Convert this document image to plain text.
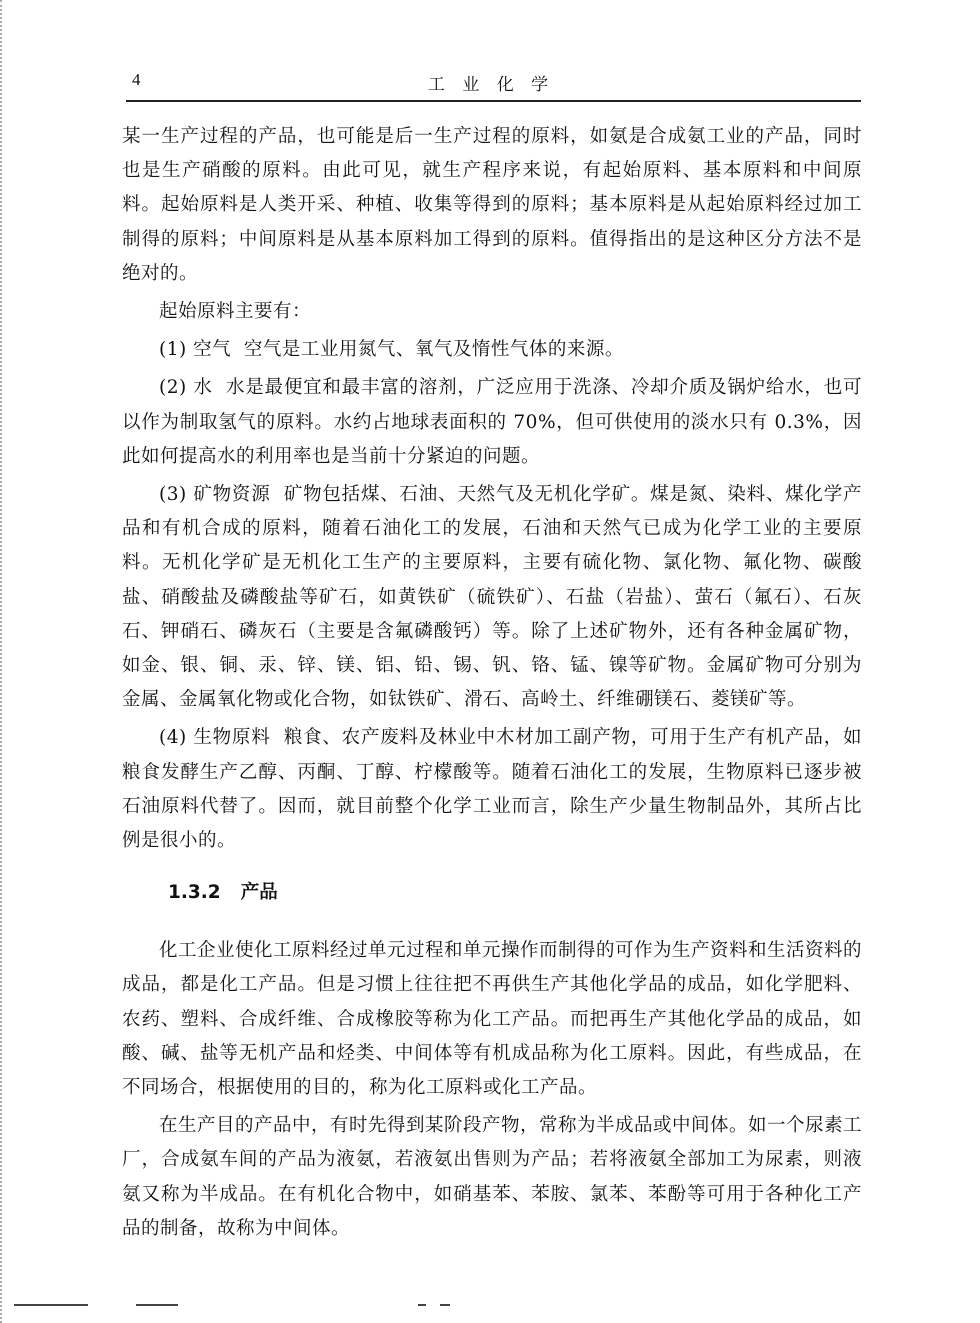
4	工 业 化 学

某一生产过程的产品，也可能是后一生产过程的原料，如氨是合成氨工业的产品，同时也是生产硝酸的原料。由此可见，就生产程序来说，有起始原料、基本原料和中间原料。起始原料是人类开采、种植、收集等得到的原料；基本原料是从起始原料经过加工制得的原料；中间原料是从基本原料加工得到的原料。值得指出的是这种区分方法不是绝对的。

起始原料主要有：

(1) 空气 空气是工业用氮气、氧气及惰性气体的来源。

(2) 水 水是最便宜和最丰富的溶剂，广泛应用于洗涤、冷却介质及锅炉给水，也可以作为制取氢气的原料。水约占地球表面积的 70%，但可供使用的淡水只有 0.3%，因此如何提高水的利用率也是当前十分紧迫的问题。

(3) 矿物资源 矿物包括煤、石油、天然气及无机化学矿。煤是氮、染料、煤化学产品和有机合成的原料，随着石油化工的发展，石油和天然气已成为化学工业的主要原料。无机化学矿是无机化工生产的主要原料，主要有硫化物、氯化物、氟化物、碳酸盐、硝酸盐及磷酸盐等矿石，如黄铁矿（硫铁矿）、石盐（岩盐）、萤石（氟石）、石灰石、钾硝石、磷灰石（主要是含氟磷酸钙）等。除了上述矿物外，还有各种金属矿物，如金、银、铜、汞、锌、镁、铝、铅、锡、钒、铬、锰、镍等矿物。金属矿物可分别为金属、金属氧化物或化合物，如钛铁矿、滑石、高岭土、纤维硼镁石、菱镁矿等。

(4) 生物原料 粮食、农产废料及林业中木材加工副产物，可用于生产有机产品，如粮食发酵生产乙醇、丙酮、丁醇、柠檬酸等。随着石油化工的发展，生物原料已逐步被石油原料代替了。因而，就目前整个化学工业而言，除生产少量生物制品外，其所占比例是很小的。

1.3.2 产品

化工企业使化工原料经过单元过程和单元操作而制得的可作为生产资料和生活资料的成品，都是化工产品。但是习惯上往往把不再供生产其他化学品的成品，如化学肥料、农药、塑料、合成纤维、合成橡胶等称为化工产品。而把再生产其他化学品的成品，如酸、碱、盐等无机产品和烃类、中间体等有机成品称为化工原料。因此，有些成品，在不同场合，根据使用的目的，称为化工原料或化工产品。

在生产目的产品中，有时先得到某阶段产物，常称为半成品或中间体。如一个尿素工厂，合成氨车间的产品为液氨，若液氨出售则为产品；若将液氨全部加工为尿素，则液氨又称为半成品。在有机化合物中，如硝基苯、苯胺、氯苯、苯酚等可用于各种化工产品的制备，故称为中间体。
